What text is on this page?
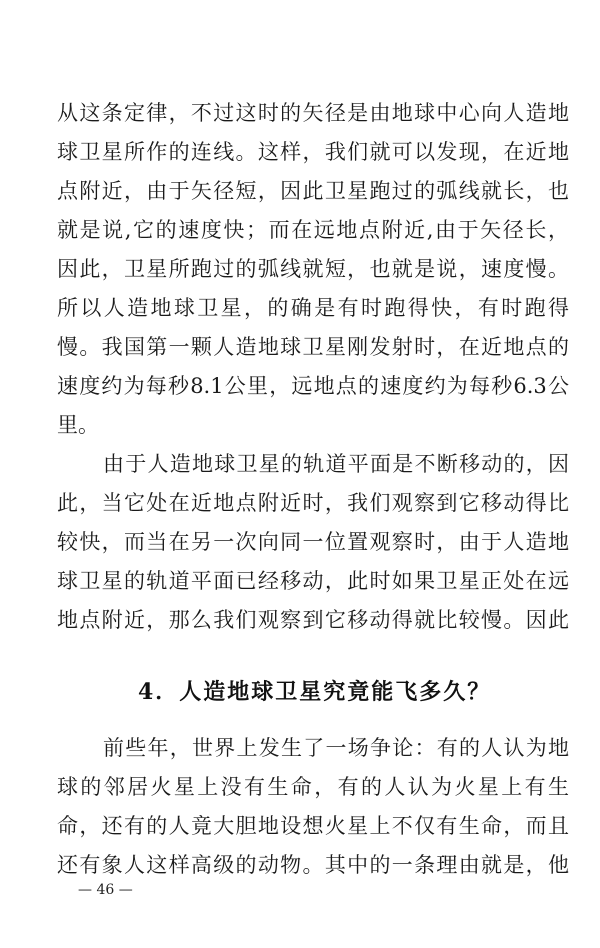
从这条定律，不过这时的矢径是由地球中心向人造地
球卫星所作的连线。这样，我们就可以发现，在近地
点附近，由于矢径短，因此卫星跑过的弧线就长，也
就是说,它的速度快；而在远地点附近,由于矢径长，
因此，卫星所跑过的弧线就短，也就是说，速度慢。
所以人造地球卫星，的确是有时跑得快，有时跑得
慢。我国第一颗人造地球卫星刚发射时，在近地点的
速度约为每秒8.1公里，远地点的速度约为每秒6.3公
里。
由于人造地球卫星的轨道平面是不断移动的，因
此，当它处在近地点附近时，我们观察到它移动得比
较快，而当在另一次向同一位置观察时，由于人造地
球卫星的轨道平面已经移动，此时如果卫星正处在远
地点附近，那么我们观察到它移动得就比较慢。因此
4．人造地球卫星究竟能飞多久？
前些年，世界上发生了一场争论：有的人认为地
球的邻居火星上没有生命，有的人认为火星上有生
命，还有的人竟大胆地设想火星上不仅有生命，而且
还有象人这样高级的动物。其中的一条理由就是，他
— 46 —
